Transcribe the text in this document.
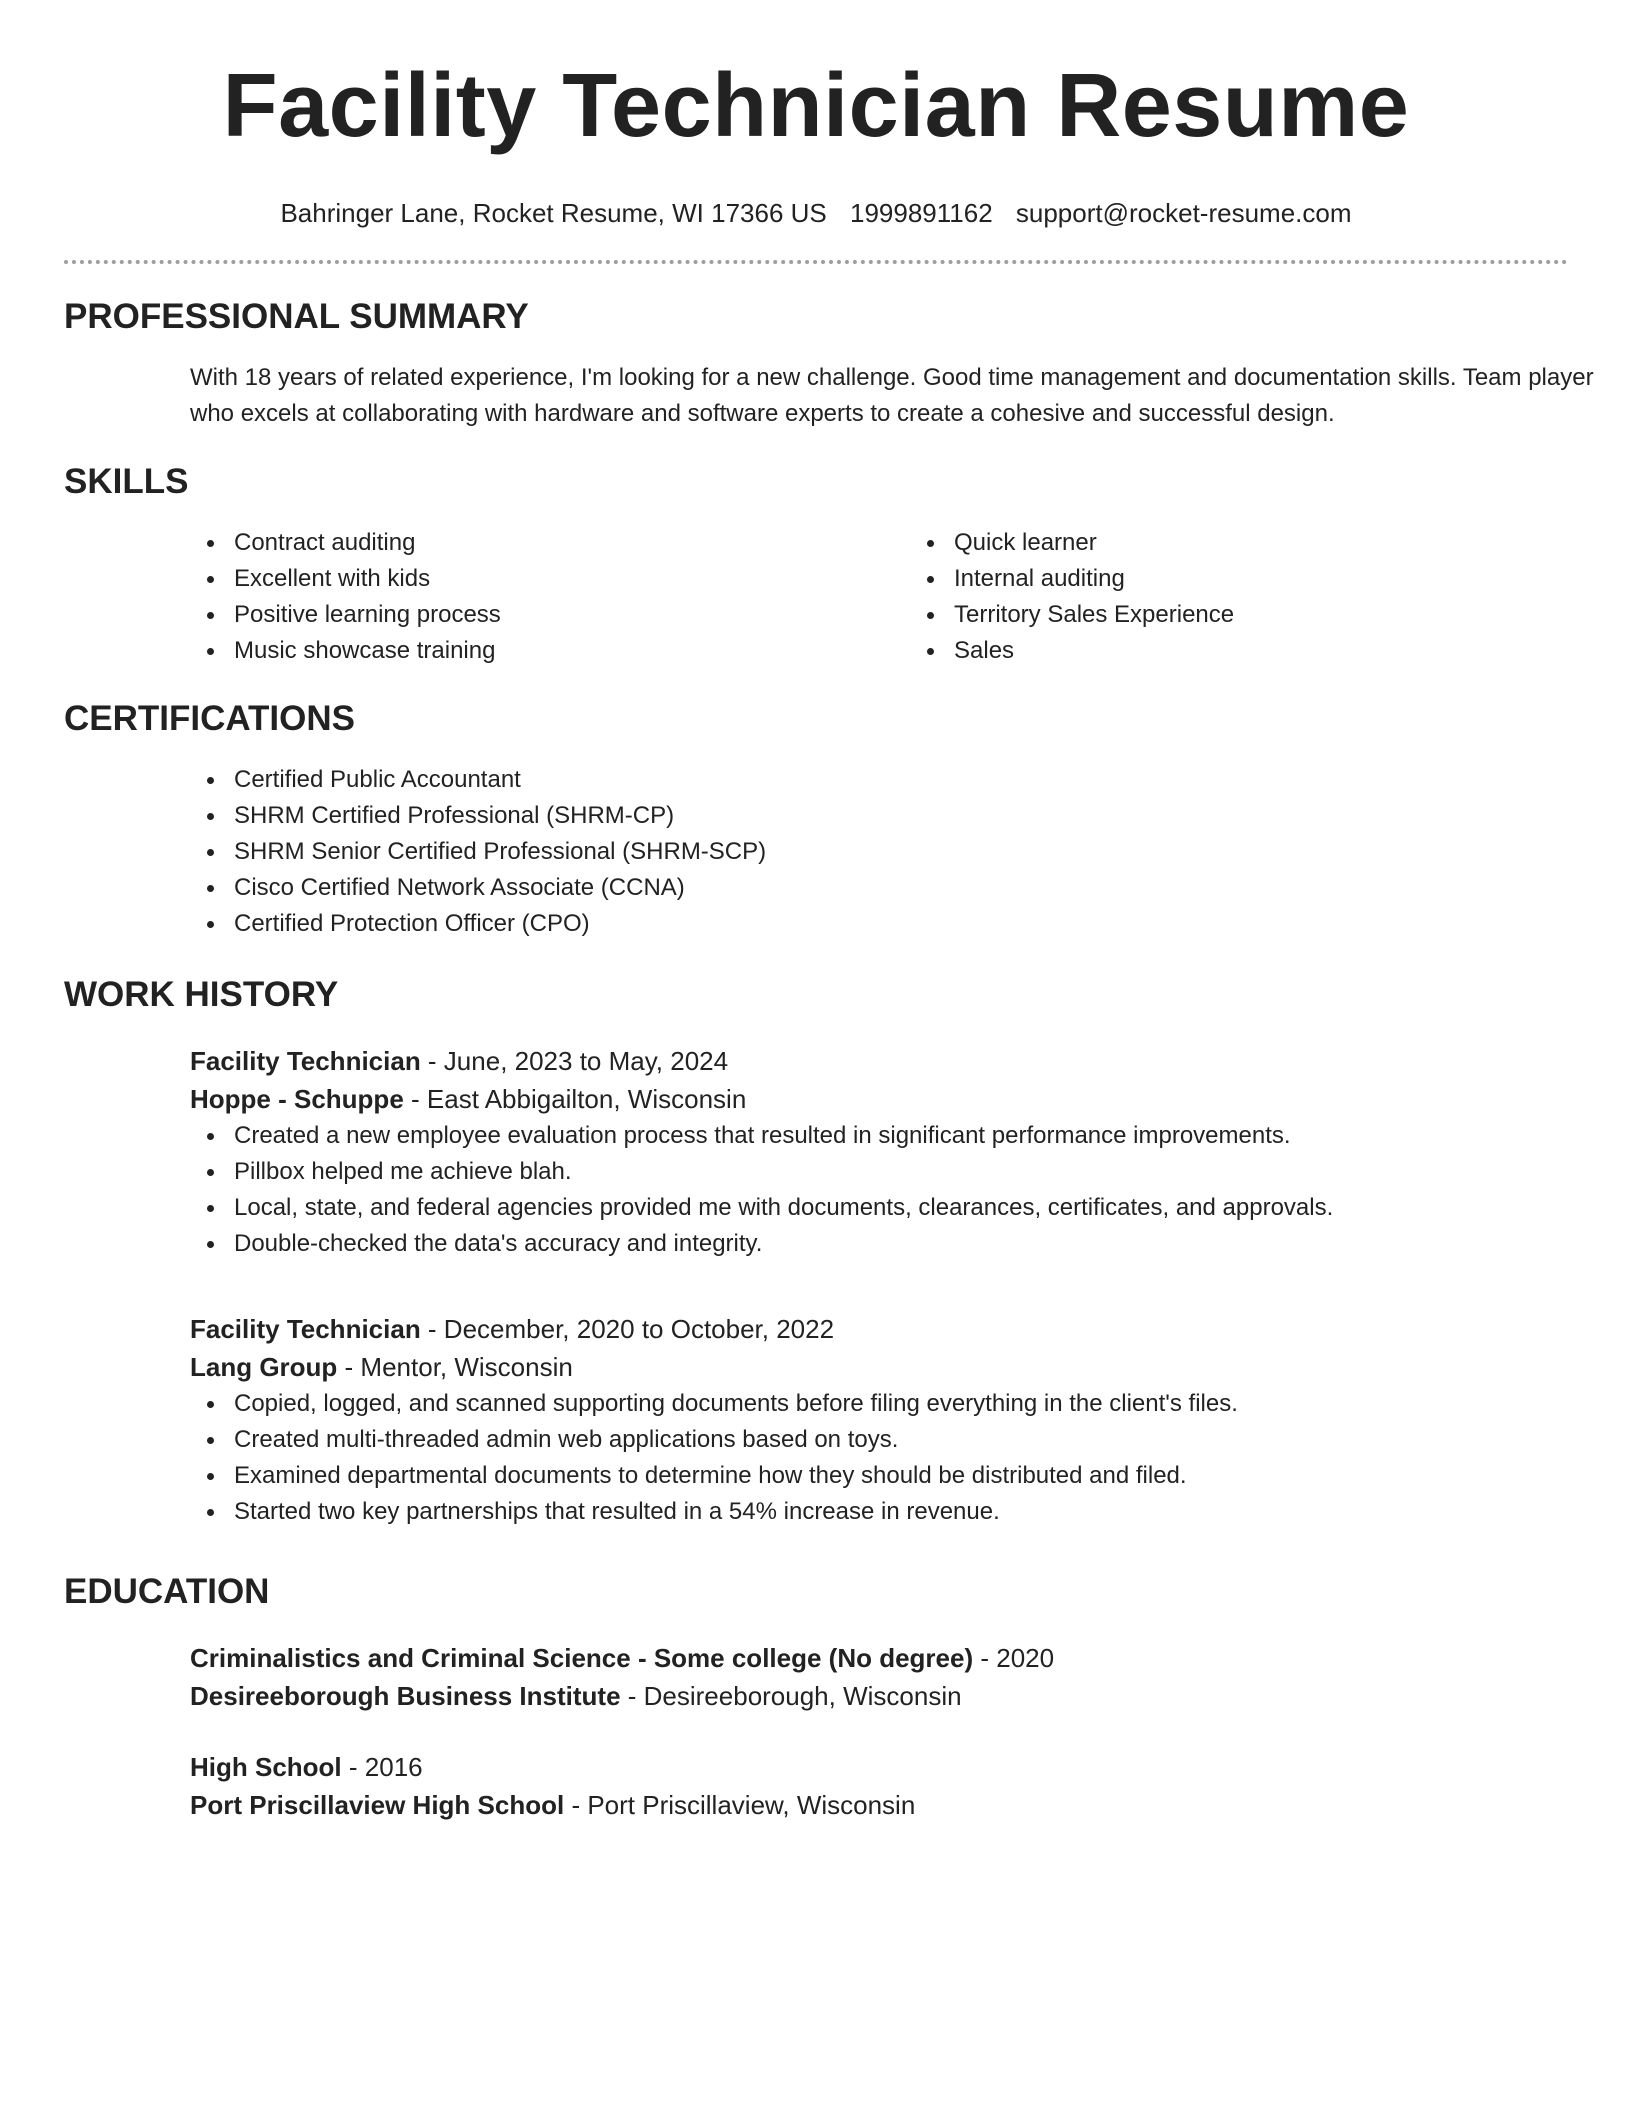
Facility Technician Resume
Bahringer Lane, Rocket Resume, WI 17366 US 1999891162 support@rocket-resume.com
PROFESSIONAL SUMMARY
With 18 years of related experience, I'm looking for a new challenge. Good time management and documentation skills. Team player who excels at collaborating with hardware and software experts to create a cohesive and successful design.
SKILLS
Contract auditing
Excellent with kids
Positive learning process
Music showcase training
Quick learner
Internal auditing
Territory Sales Experience
Sales
CERTIFICATIONS
Certified Public Accountant
SHRM Certified Professional (SHRM-CP)
SHRM Senior Certified Professional (SHRM-SCP)
Cisco Certified Network Associate (CCNA)
Certified Protection Officer (CPO)
WORK HISTORY
Facility Technician - June, 2023 to May, 2024
Hoppe - Schuppe - East Abbigailton, Wisconsin
Created a new employee evaluation process that resulted in significant performance improvements.
Pillbox helped me achieve blah.
Local, state, and federal agencies provided me with documents, clearances, certificates, and approvals.
Double-checked the data's accuracy and integrity.
Facility Technician - December, 2020 to October, 2022
Lang Group - Mentor, Wisconsin
Copied, logged, and scanned supporting documents before filing everything in the client's files.
Created multi-threaded admin web applications based on toys.
Examined departmental documents to determine how they should be distributed and filed.
Started two key partnerships that resulted in a 54% increase in revenue.
EDUCATION
Criminalistics and Criminal Science - Some college (No degree) - 2020
Desireeborough Business Institute - Desireeborough, Wisconsin
High School - 2016
Port Priscillaview High School - Port Priscillaview, Wisconsin
